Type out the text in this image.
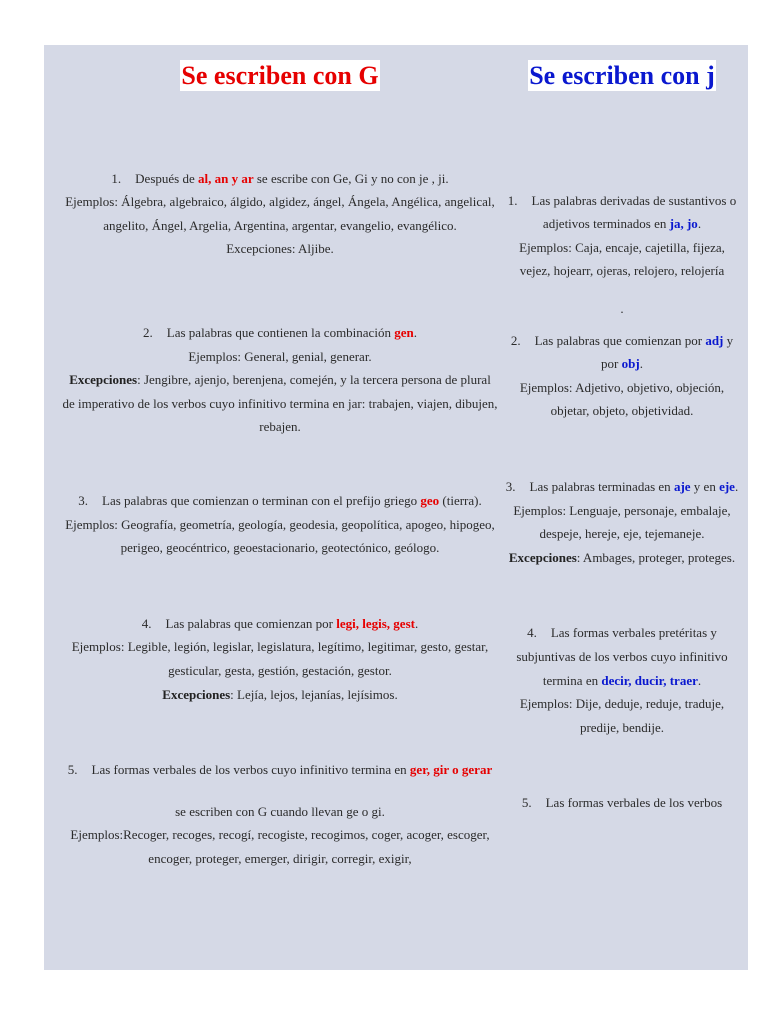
Se escriben con G

1. Después de al, an y ar se escribe con Ge, Gi y no con je , ji.
Ejemplos: Álgebra, algebraico, álgido, algidez, ángel, Ángela, Angélica, angelical, angelito, Ángel, Argelia, Argentina, argentar, evangelio, evangélico.
Excepciones: Aljibe.

2. Las palabras que contienen la combinación gen.
Ejemplos: General, genial, generar.
Excepciones: Jengibre, ajenjo, berenjena, comején, y la tercera persona de plural de imperativo de los verbos cuyo infinitivo termina en jar: trabajen, viajen, dibujen, rebajen.

3. Las palabras que comienzan o terminan con el prefijo griego geo (tierra).
Ejemplos: Geografía, geometría, geología, geodesia, geopolítica, apogeo, hipogeo, perigeo, geocéntrico, geoestacionario, geotectónico, geólogo.

4. Las palabras que comienzan por legi, legis, gest.
Ejemplos: Legible, legión, legislar, legislatura, legítimo, legitimar, gesto, gestar, gesticular, gesta, gestión, gestación, gestor.
Excepciones: Lejía, lejos, lejanías, lejísimos.

5. Las formas verbales de los verbos cuyo infinitivo termina en ger, gir o gerar

se escriben con G cuando llevan ge o gi.
Ejemplos:Recoger, recoges, recogí, recogiste, recogimos, coger, acoger, escoger, encoger, proteger, emerger, dirigir, corregir, exigir,

Se escriben con j

1. Las palabras derivadas de sustantivos o adjetivos terminados en ja, jo.
Ejemplos: Caja, encaje, cajetilla, fijeza, vejez, hojearr, ojeras, relojero, relojería

.

2. Las palabras que comienzan por adj y por obj.
Ejemplos: Adjetivo, objetivo, objeción, objetar, objeto, objetividad.

3. Las palabras terminadas en aje y en eje.
Ejemplos: Lenguaje, personaje, embalaje, despeje, hereje, eje, tejemaneje.
Excepciones: Ambages, proteger, proteges.

4. Las formas verbales pretéritas y subjuntivas de los verbos cuyo infinitivo termina en decir, ducir, traer.
Ejemplos: Dije, deduje, reduje, traduje, predije, bendije.

5. Las formas verbales de los verbos
